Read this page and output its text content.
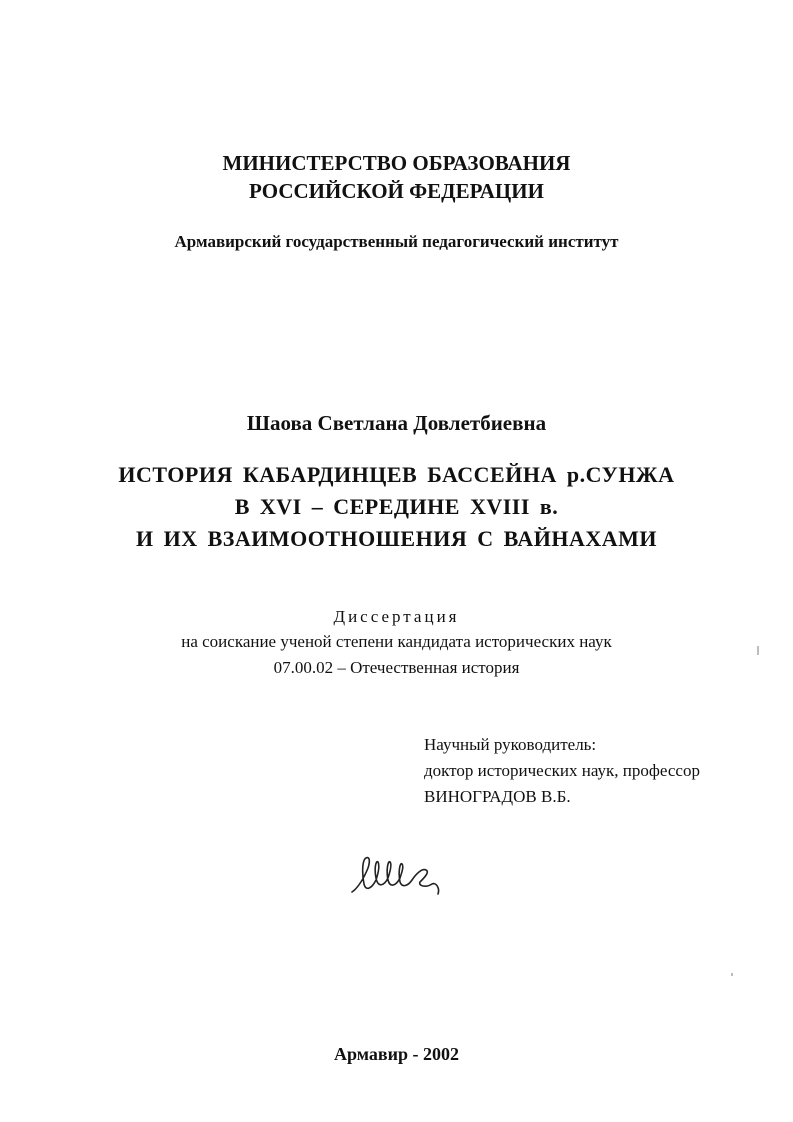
МИНИСТЕРСТВО ОБРАЗОВАНИЯ
РОССИЙСКОЙ ФЕДЕРАЦИИ
Армавирский государственный педагогический институт
Шаова Светлана Довлетбиевна
ИСТОРИЯ КАБАРДИНЦЕВ БАССЕЙНА р.СУНЖА
В XVI – СЕРЕДИНЕ XVIII в.
И ИХ ВЗАИМООТНОШЕНИЯ С ВАЙНАХАМИ
Диссертация
на соискание ученой степени кандидата исторических наук
07.00.02 – Отечественная история
Научный руководитель:
доктор исторических наук, профессор
ВИНОГРАДОВ В.Б.
Армавир - 2002
